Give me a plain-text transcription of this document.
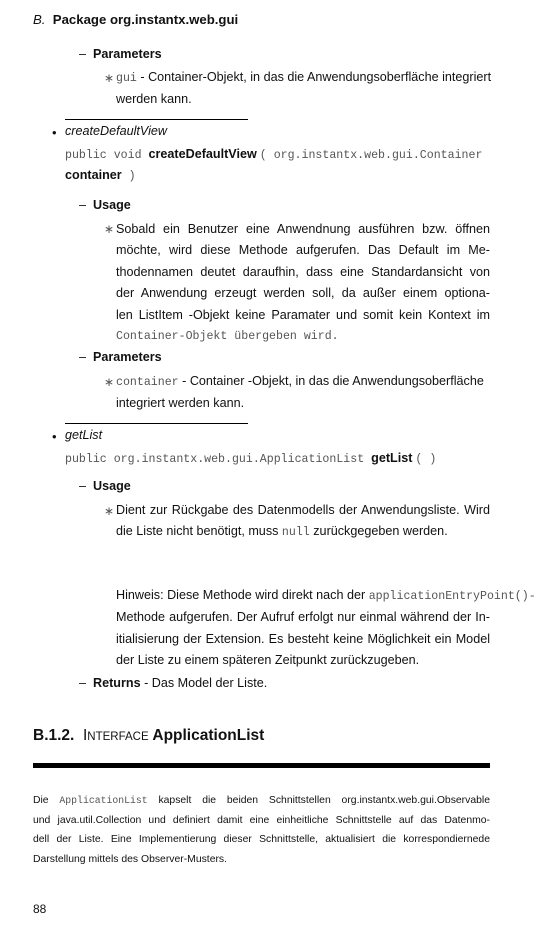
B. Package org.instantx.web.gui
– Parameters
∗ gui - Container-Objekt, in das die Anwendungsoberfläche integriert
werden kann.
• createDefaultView
public void createDefaultView ( org.instantx.web.gui.Container
container )
– Usage
∗ Sobald ein Benutzer eine Anwendnung ausführen bzw. öffnen
möchte, wird diese Methode aufgerufen. Das Default im Me-
thodennamen deutet daraufhin, dass eine Standardansicht von
der Anwendung erzeugt werden soll, da außer einem optiona-
len ListItem -Objekt keine Paramater und somit kein Kontext im
Container-Objekt übergeben wird.
– Parameters
∗ container - Container -Objekt, in das die Anwendungsoberfläche
integriert werden kann.
• getList
public org.instantx.web.gui.ApplicationList getList ( )
– Usage
∗ Dient zur Rückgabe des Datenmodells der Anwendungsliste. Wird
die Liste nicht benötigt, muss null zurückgegeben werden.
Hinweis: Diese Methode wird direkt nach der applicationEntryPoint()-
Methode aufgerufen. Der Aufruf erfolgt nur einmal während der In-
itialisierung der Extension. Es besteht keine Möglichkeit ein Model
der Liste zu einem späteren Zeitpunkt zurückzugeben.
– Returns - Das Model der Liste.
B.1.2. INTERFACE ApplicationList
Die ApplicationList kapselt die beiden Schnittstellen org.instantx.web.gui.Observable
und java.util.Collection und definiert damit eine einheitliche Schnittstelle auf das Datenmo-
dell der Liste. Eine Implementierung dieser Schnittstelle, aktualisiert die korrespondiernede
Darstellung mittels des Observer-Musters.
88
